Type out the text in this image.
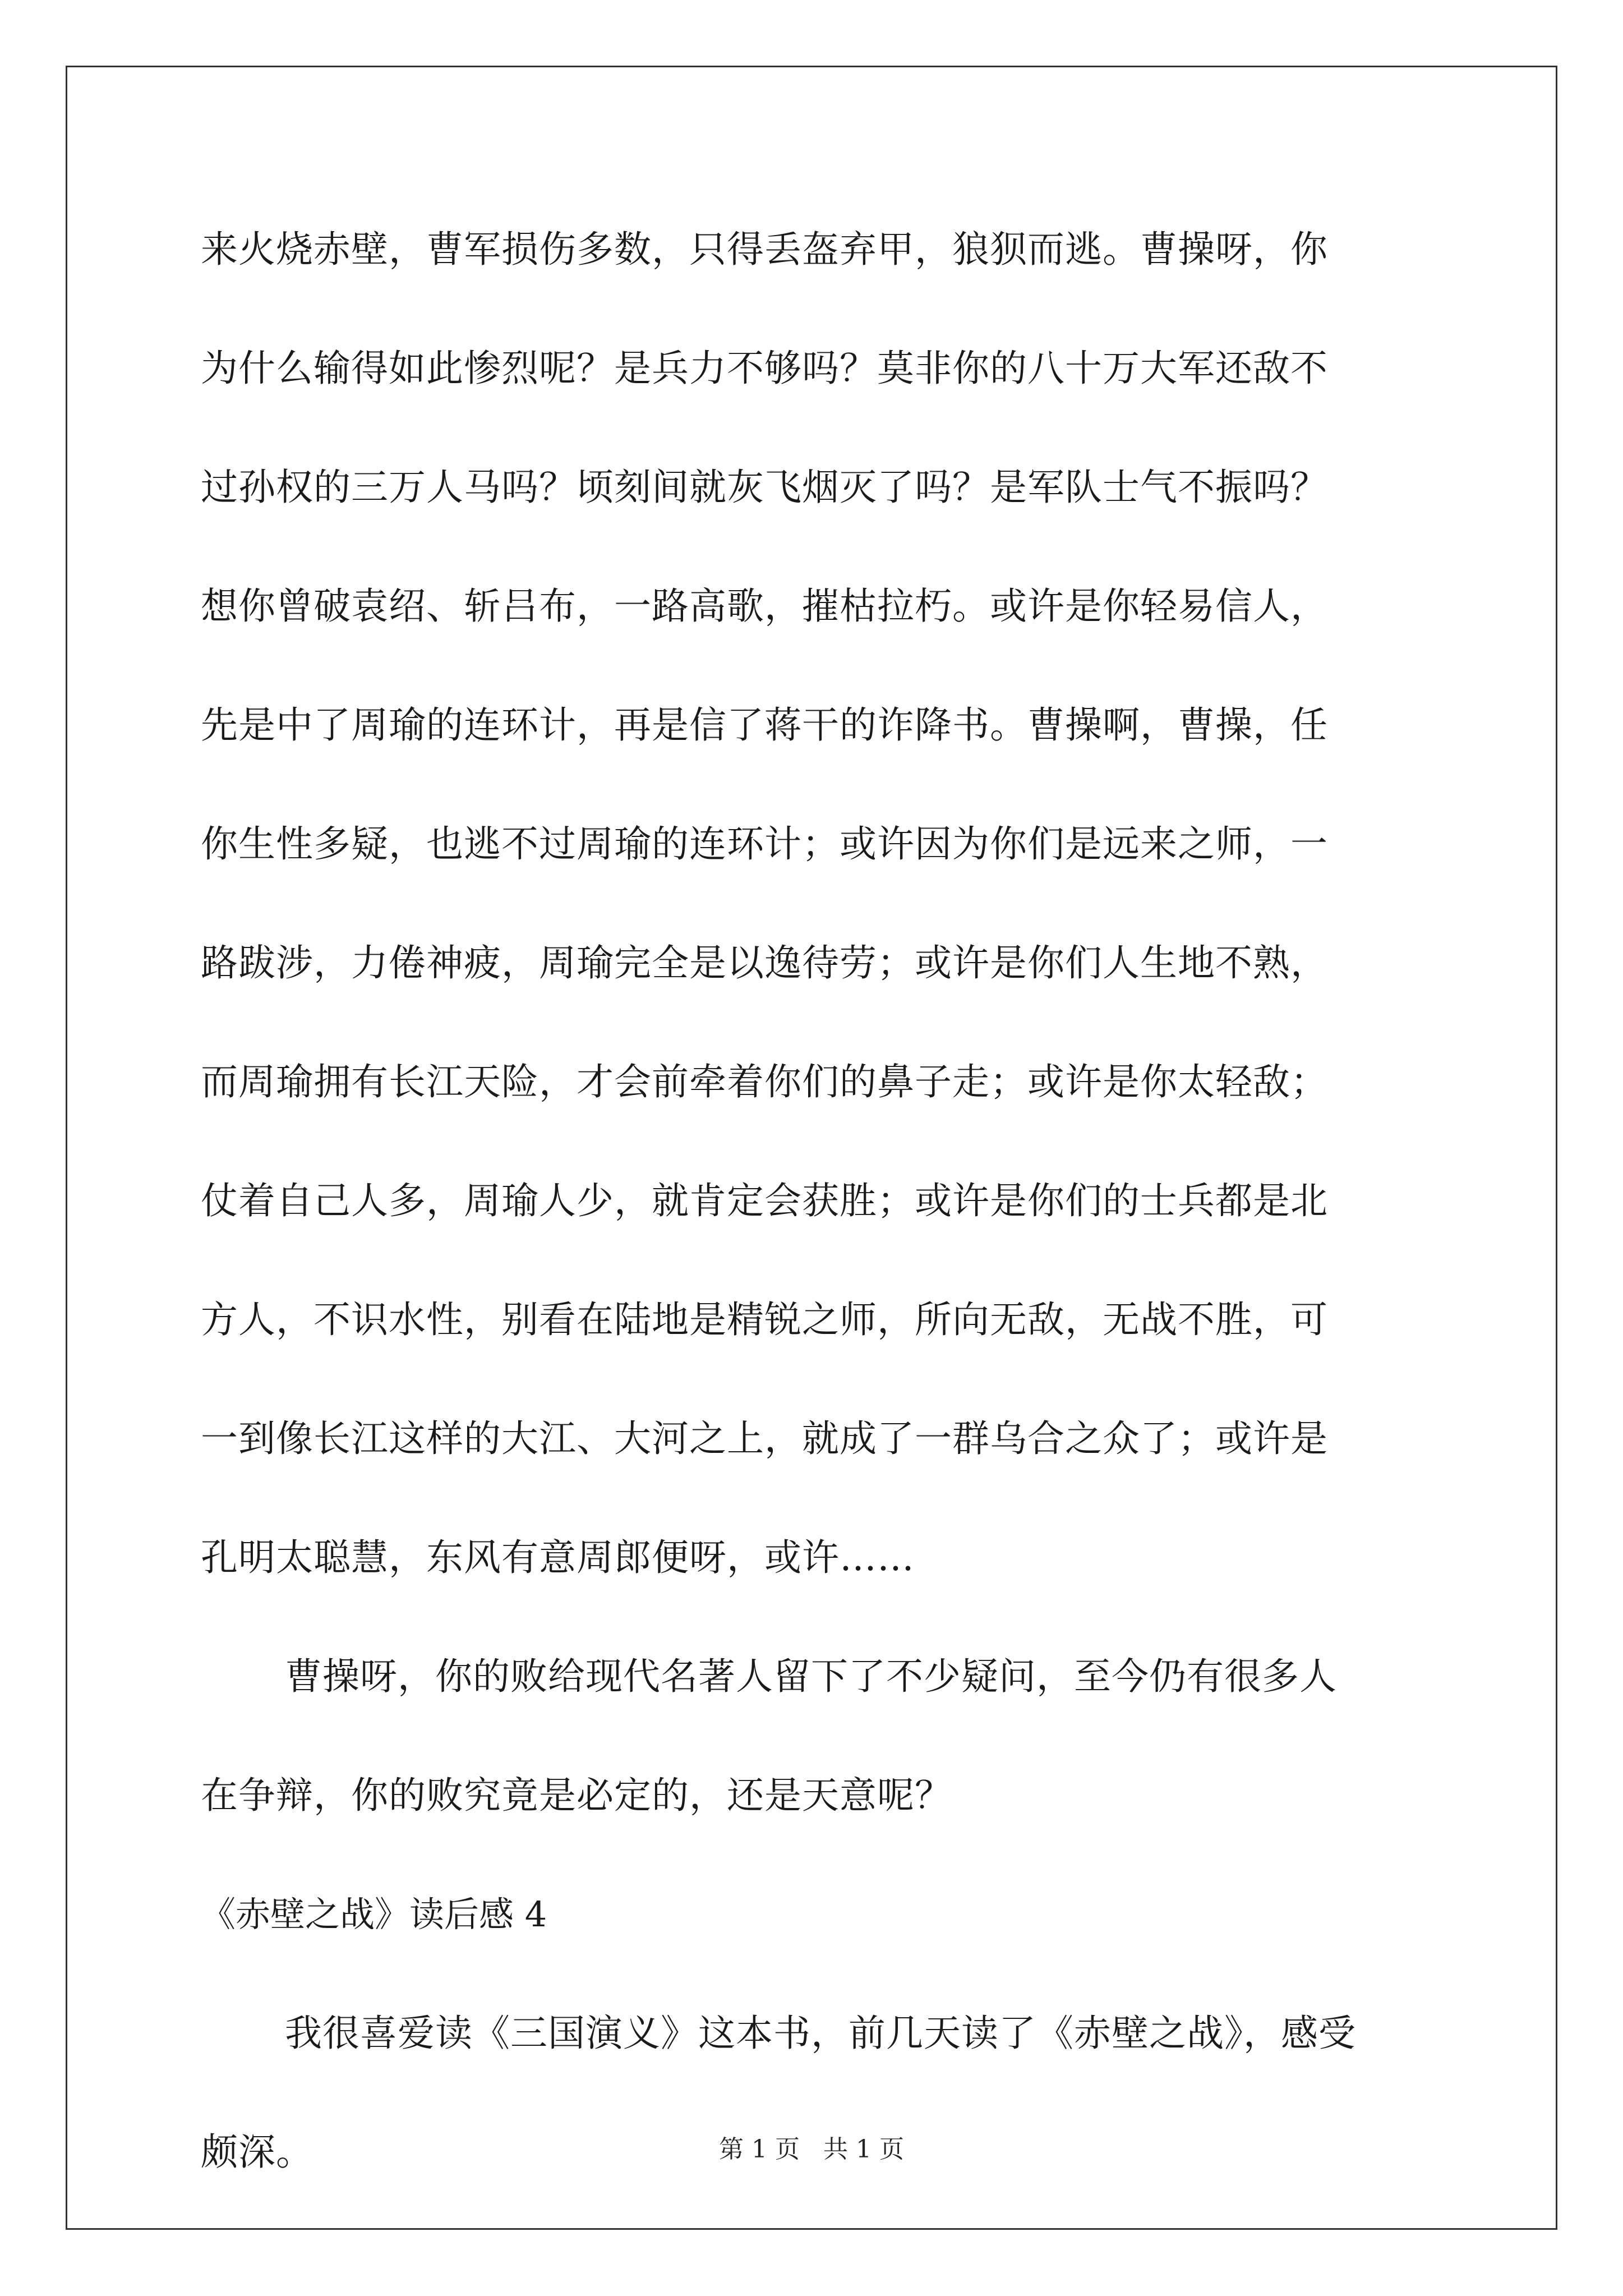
来火烧赤壁，曹军损伤多数，只得丢盔弃甲，狼狈而逃。曹操呀，你
为什么输得如此惨烈呢？是兵力不够吗？莫非你的八十万大军还敌不
过孙权的三万人马吗？顷刻间就灰飞烟灭了吗？是军队士气不振吗？
想你曾破袁绍、斩吕布，一路高歌，摧枯拉朽。或许是你轻易信人，
先是中了周瑜的连环计，再是信了蒋干的诈降书。曹操啊，曹操，任
你生性多疑，也逃不过周瑜的连环计；或许因为你们是远来之师，一
路跋涉，力倦神疲，周瑜完全是以逸待劳；或许是你们人生地不熟，
而周瑜拥有长江天险，才会前牵着你们的鼻子走；或许是你太轻敌；
仗着自己人多，周瑜人少，就肯定会获胜；或许是你们的士兵都是北
方人，不识水性，别看在陆地是精锐之师，所向无敌，无战不胜，可
一到像长江这样的大江、大河之上，就成了一群乌合之众了；或许是
孔明太聪慧，东风有意周郎便呀，或许……
曹操呀，你的败给现代名著人留下了不少疑问，至今仍有很多人
在争辩，你的败究竟是必定的，还是天意呢？
《赤壁之战》读后感 4
我很喜爱读《三国演义》这本书，前几天读了《赤壁之战》，感受
颇深。	第 1 页   共 1 页
